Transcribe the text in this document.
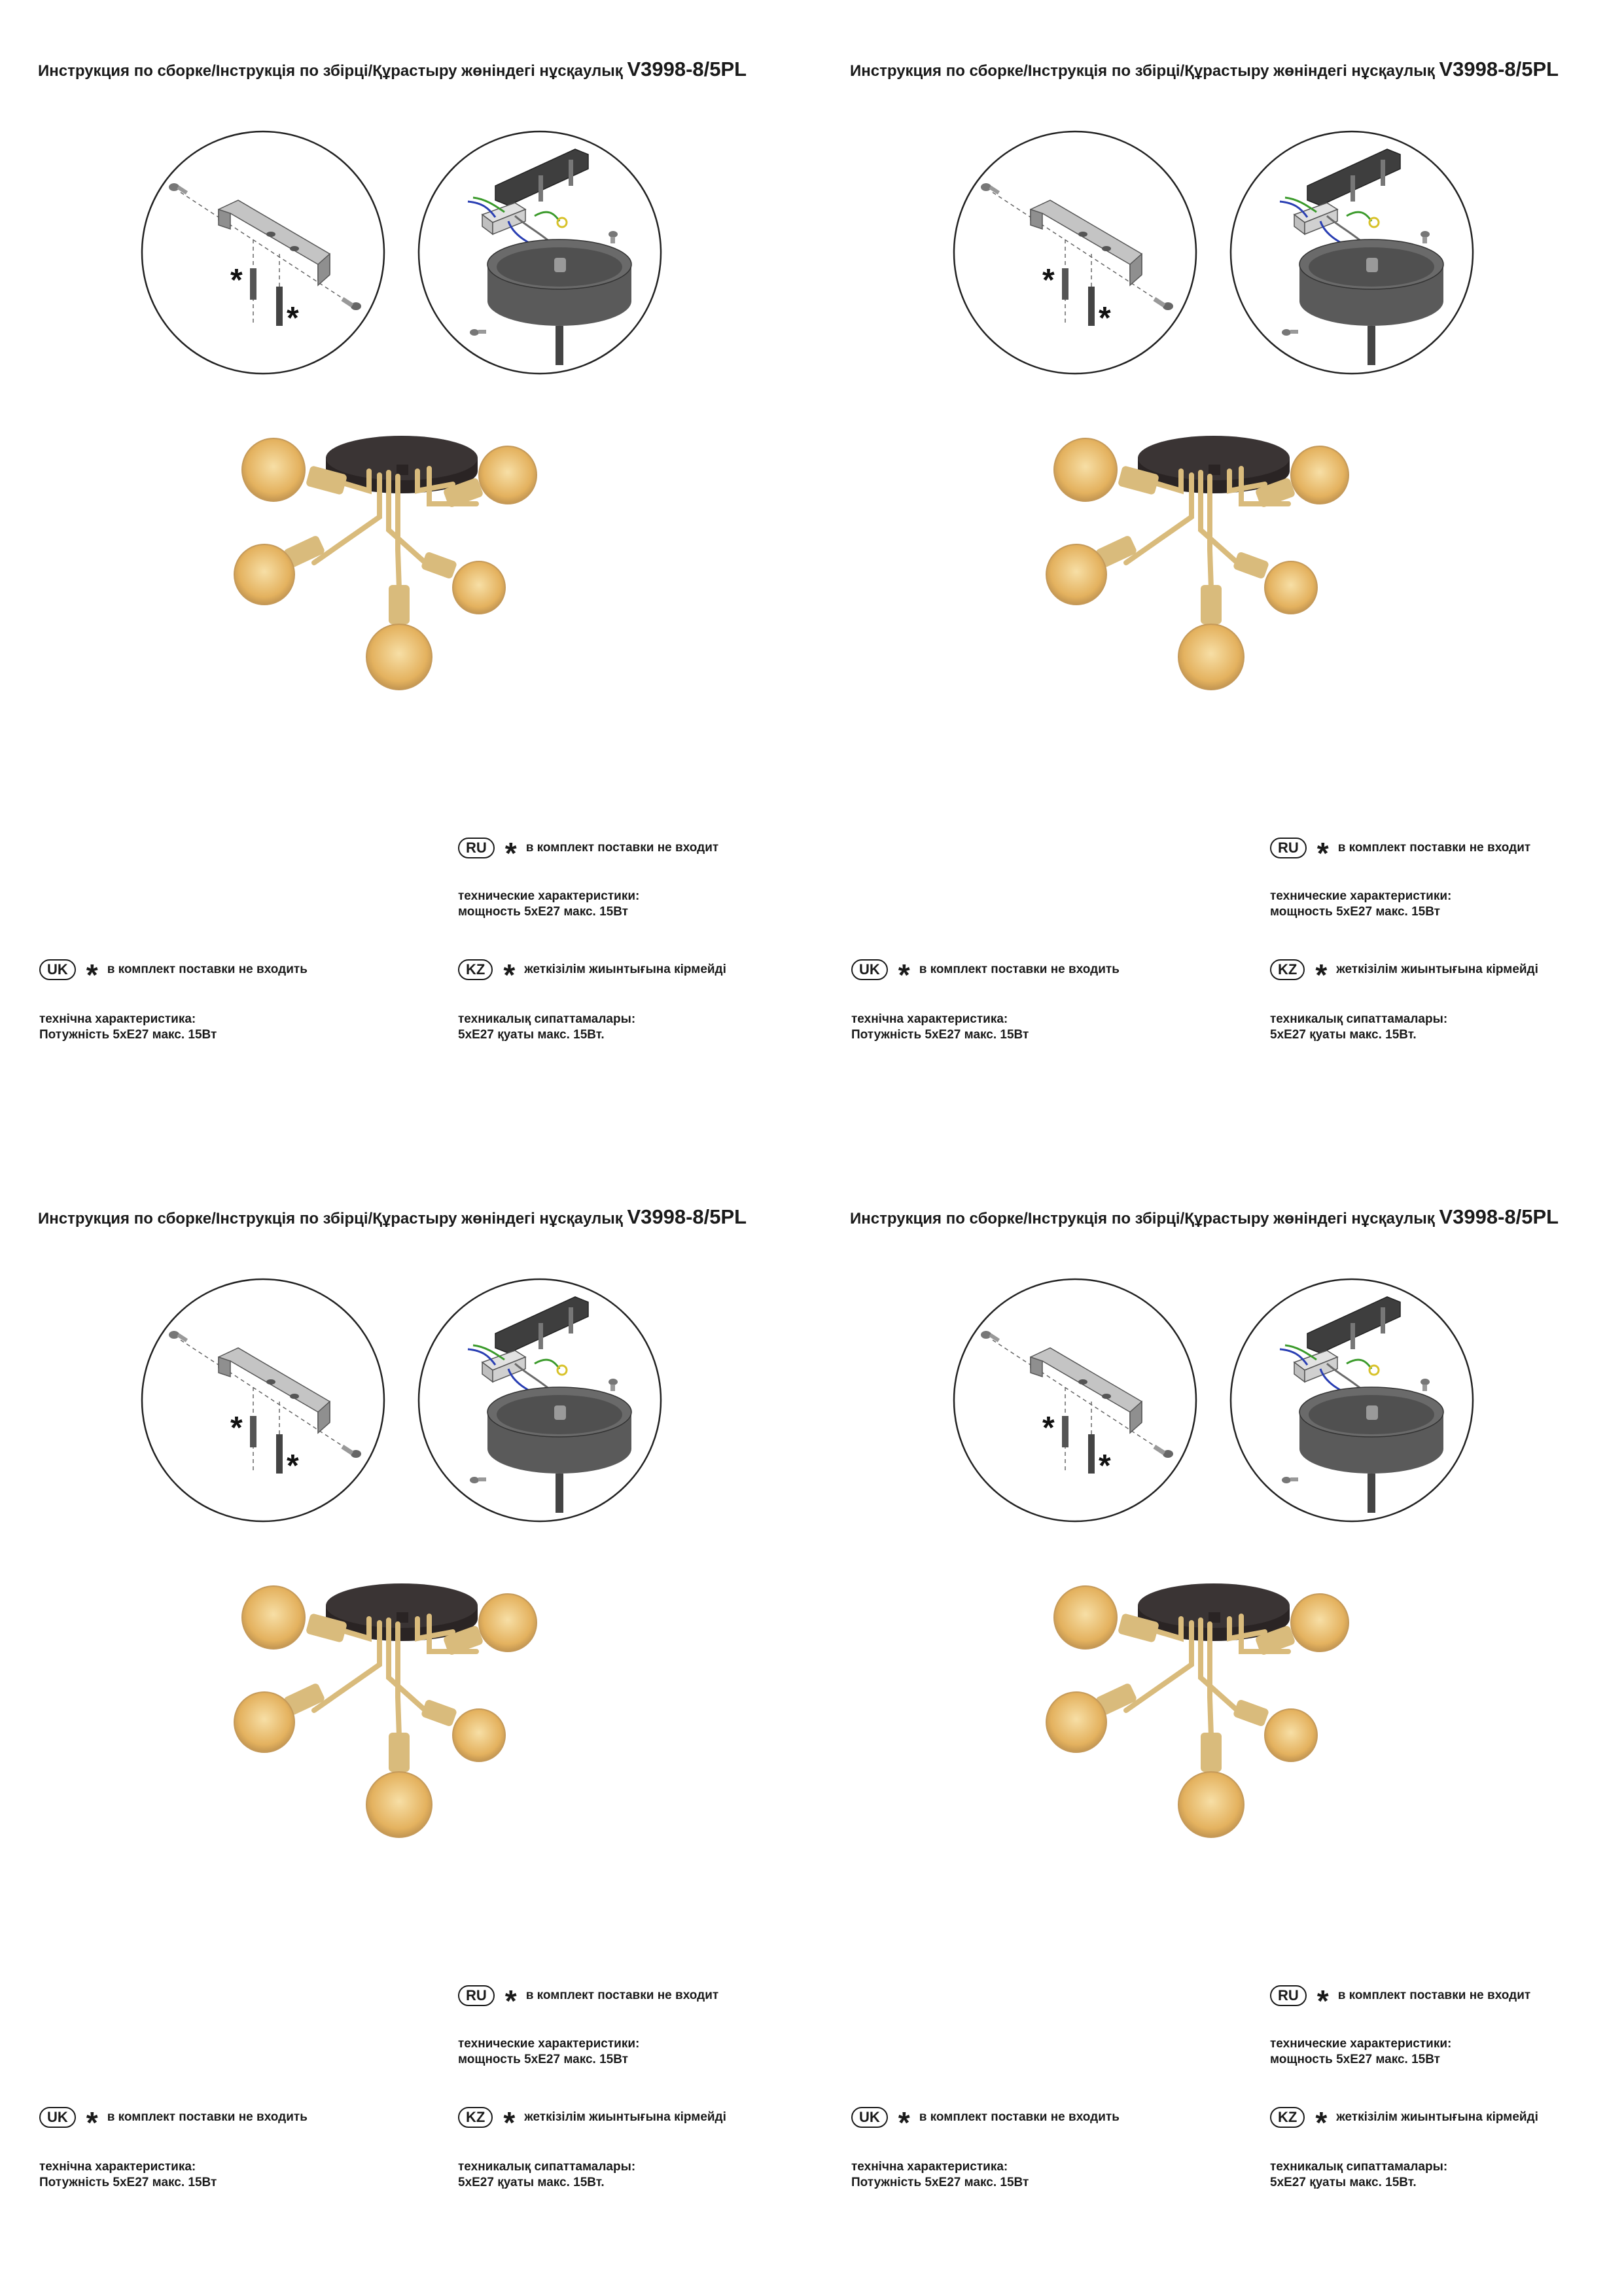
Инструкция по сборке/Інструкція по збірці/Құрастыру жөніндегі нұсқаулық V3998-8/5PL
*
*
RU * в комплект поставки не входит
технические характеристики:
мощность 5хE27 макс. 15Вт
UK * в комплект поставки не входить
технічна характеристика:
Потужність 5хE27 макс. 15Вт
KZ * жеткізілім жиынтығына кірмейді
техникалық сипаттамалары:
5хE27 қуаты макс. 15Вт.
Инструкция по сборке/Інструкція по збірці/Құрастыру жөніндегі нұсқаулық V3998-8/5PL
*
*
RU * в комплект поставки не входит
технические характеристики:
мощность 5хE27 макс. 15Вт
UK * в комплект поставки не входить
технічна характеристика:
Потужність 5хE27 макс. 15Вт
KZ * жеткізілім жиынтығына кірмейді
техникалық сипаттамалары:
5хE27 қуаты макс. 15Вт.
Инструкция по сборке/Інструкція по збірці/Құрастыру жөніндегі нұсқаулық V3998-8/5PL
*
*
RU * в комплект поставки не входит
технические характеристики:
мощность 5хE27 макс. 15Вт
UK * в комплект поставки не входить
технічна характеристика:
Потужність 5хE27 макс. 15Вт
KZ * жеткізілім жиынтығына кірмейді
техникалық сипаттамалары:
5хE27 қуаты макс. 15Вт.
Инструкция по сборке/Інструкція по збірці/Құрастыру жөніндегі нұсқаулық V3998-8/5PL
*
*
RU * в комплект поставки не входит
технические характеристики:
мощность 5хE27 макс. 15Вт
UK * в комплект поставки не входить
технічна характеристика:
Потужність 5хE27 макс. 15Вт
KZ * жеткізілім жиынтығына кірмейді
техникалық сипаттамалары:
5хE27 қуаты макс. 15Вт.
